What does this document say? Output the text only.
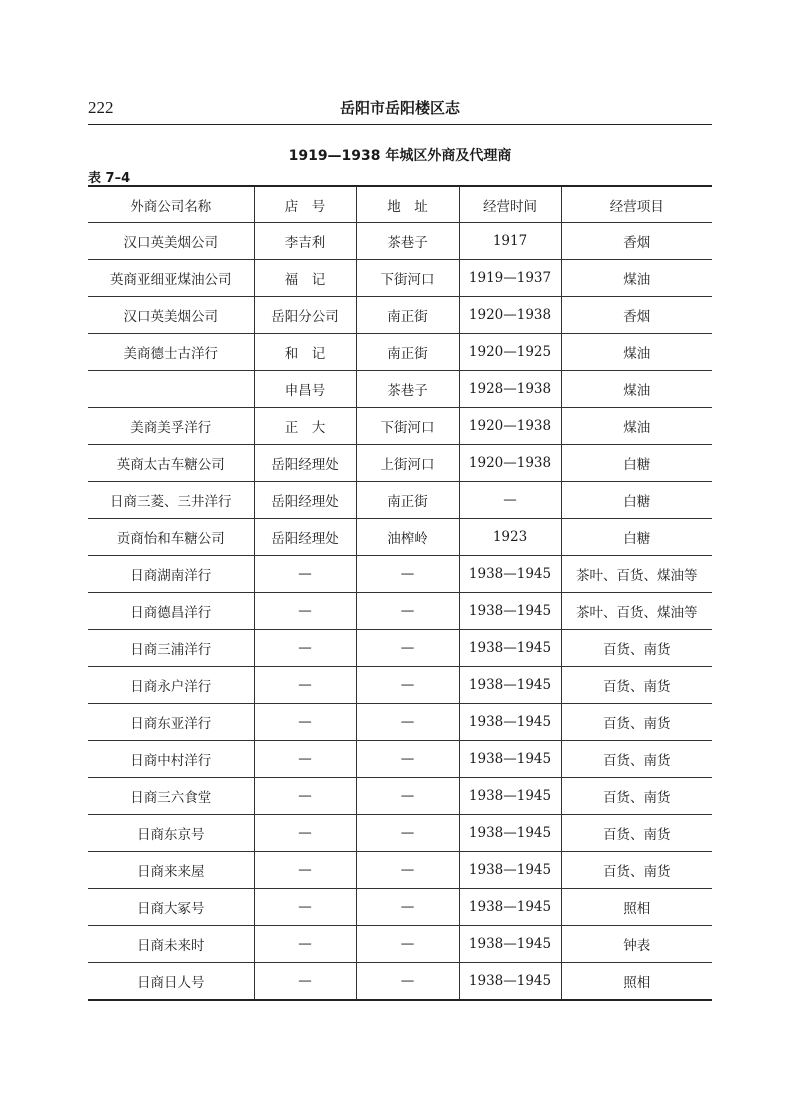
222	岳阳市岳阳楼区志
1919—1938 年城区外商及代理商
表 7–4
外商公司名称	店　号	地　址	经营时间	经营项目
汉口英美烟公司	李吉利	茶巷子	1917	香烟
英商亚细亚煤油公司	福　记	下街河口	1919—1937	煤油
汉口英美烟公司	岳阳分公司	南正街	1920—1938	香烟
美商德士古洋行	和　记	南正街	1920—1925	煤油
	申昌号	茶巷子	1928—1938	煤油
美商美孚洋行	正　大	下街河口	1920—1938	煤油
英商太古车糖公司	岳阳经理处	上街河口	1920—1938	白糖
日商三菱、三井洋行	岳阳经理处	南正街	—	白糖
贡商怡和车糖公司	岳阳经理处	油榨岭	1923	白糖
日商湖南洋行	—	—	1938—1945	茶叶、百货、煤油等
日商德昌洋行	—	—	1938—1945	茶叶、百货、煤油等
日商三浦洋行	—	—	1938—1945	百货、南货
日商永户洋行	—	—	1938—1945	百货、南货
日商东亚洋行	—	—	1938—1945	百货、南货
日商中村洋行	—	—	1938—1945	百货、南货
日商三六食堂	—	—	1938—1945	百货、南货
日商东京号	—	—	1938—1945	百货、南货
日商来来屋	—	—	1938—1945	百货、南货
日商大冢号	—	—	1938—1945	照相
日商未来时	—	—	1938—1945	钟表
日商日人号	—	—	1938—1945	照相
